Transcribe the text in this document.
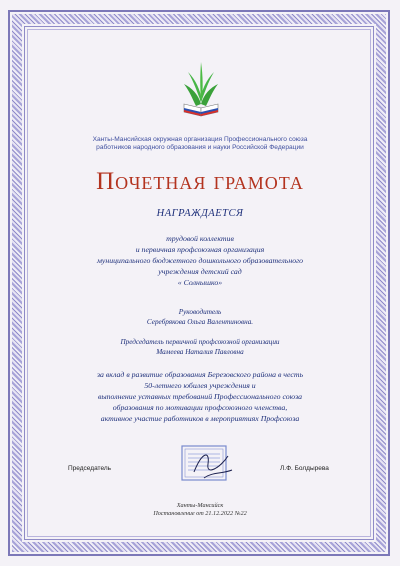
Ханты-Мансийская окружная организация Профессионального союза
работников народного образования и науки Российской Федерации
Почетная грамота
НАГРАЖДАЕТСЯ
трудовой коллектив
и первичная профсоюзная организация
муниципального бюджетного дошкольного образовательного
учреждения детский сад
« Солнышко»
Руководитель
Серебрякова Ольга Валентиновна.
Председатель первичной профсоюзной организации
Мамеева Наталия Павловна
за вклад в развитие образования Березовского района в честь
50-летнего юбилея учреждения и
выполнение уставных требований Профессионального союза
образования по мотивации профсоюзного членства,
активное участие работников в мероприятиях Профсоюза
Председатель	Л.Ф. Болдырева
Ханты-Мансийск
Постановление от 21.12.2022 №22
